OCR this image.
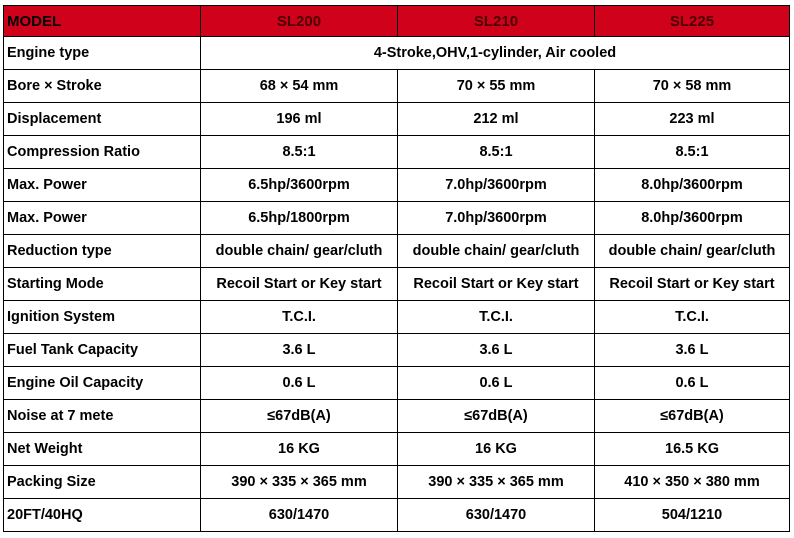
MODEL	SL200	SL210	SL225
Engine type	4-Stroke,OHV,1-cylinder, Air cooled		
Bore × Stroke	68 × 54 mm	70 × 55 mm	70 × 58 mm
Displacement	196 ml	212 ml	223 ml
Compression Ratio	8.5:1	8.5:1	8.5:1
Max. Power	6.5hp/3600rpm	7.0hp/3600rpm	8.0hp/3600rpm
Max. Power	6.5hp/1800rpm	7.0hp/3600rpm	8.0hp/3600rpm
Reduction type	double chain/ gear/cluth	double chain/ gear/cluth	double chain/ gear/cluth
Starting Mode	Recoil Start or Key start	Recoil Start or Key start	Recoil Start or Key start
Ignition System	T.C.I.	T.C.I.	T.C.I.
Fuel Tank Capacity	3.6 L	3.6 L	3.6 L
Engine Oil Capacity	0.6 L	0.6 L	0.6 L
Noise at 7 mete	≤67dB(A)	≤67dB(A)	≤67dB(A)
Net Weight	16 KG	16 KG	16.5 KG
Packing Size	390 × 335 × 365 mm	390 × 335 × 365 mm	410 × 350 × 380 mm
20FT/40HQ	630/1470	630/1470	504/1210
